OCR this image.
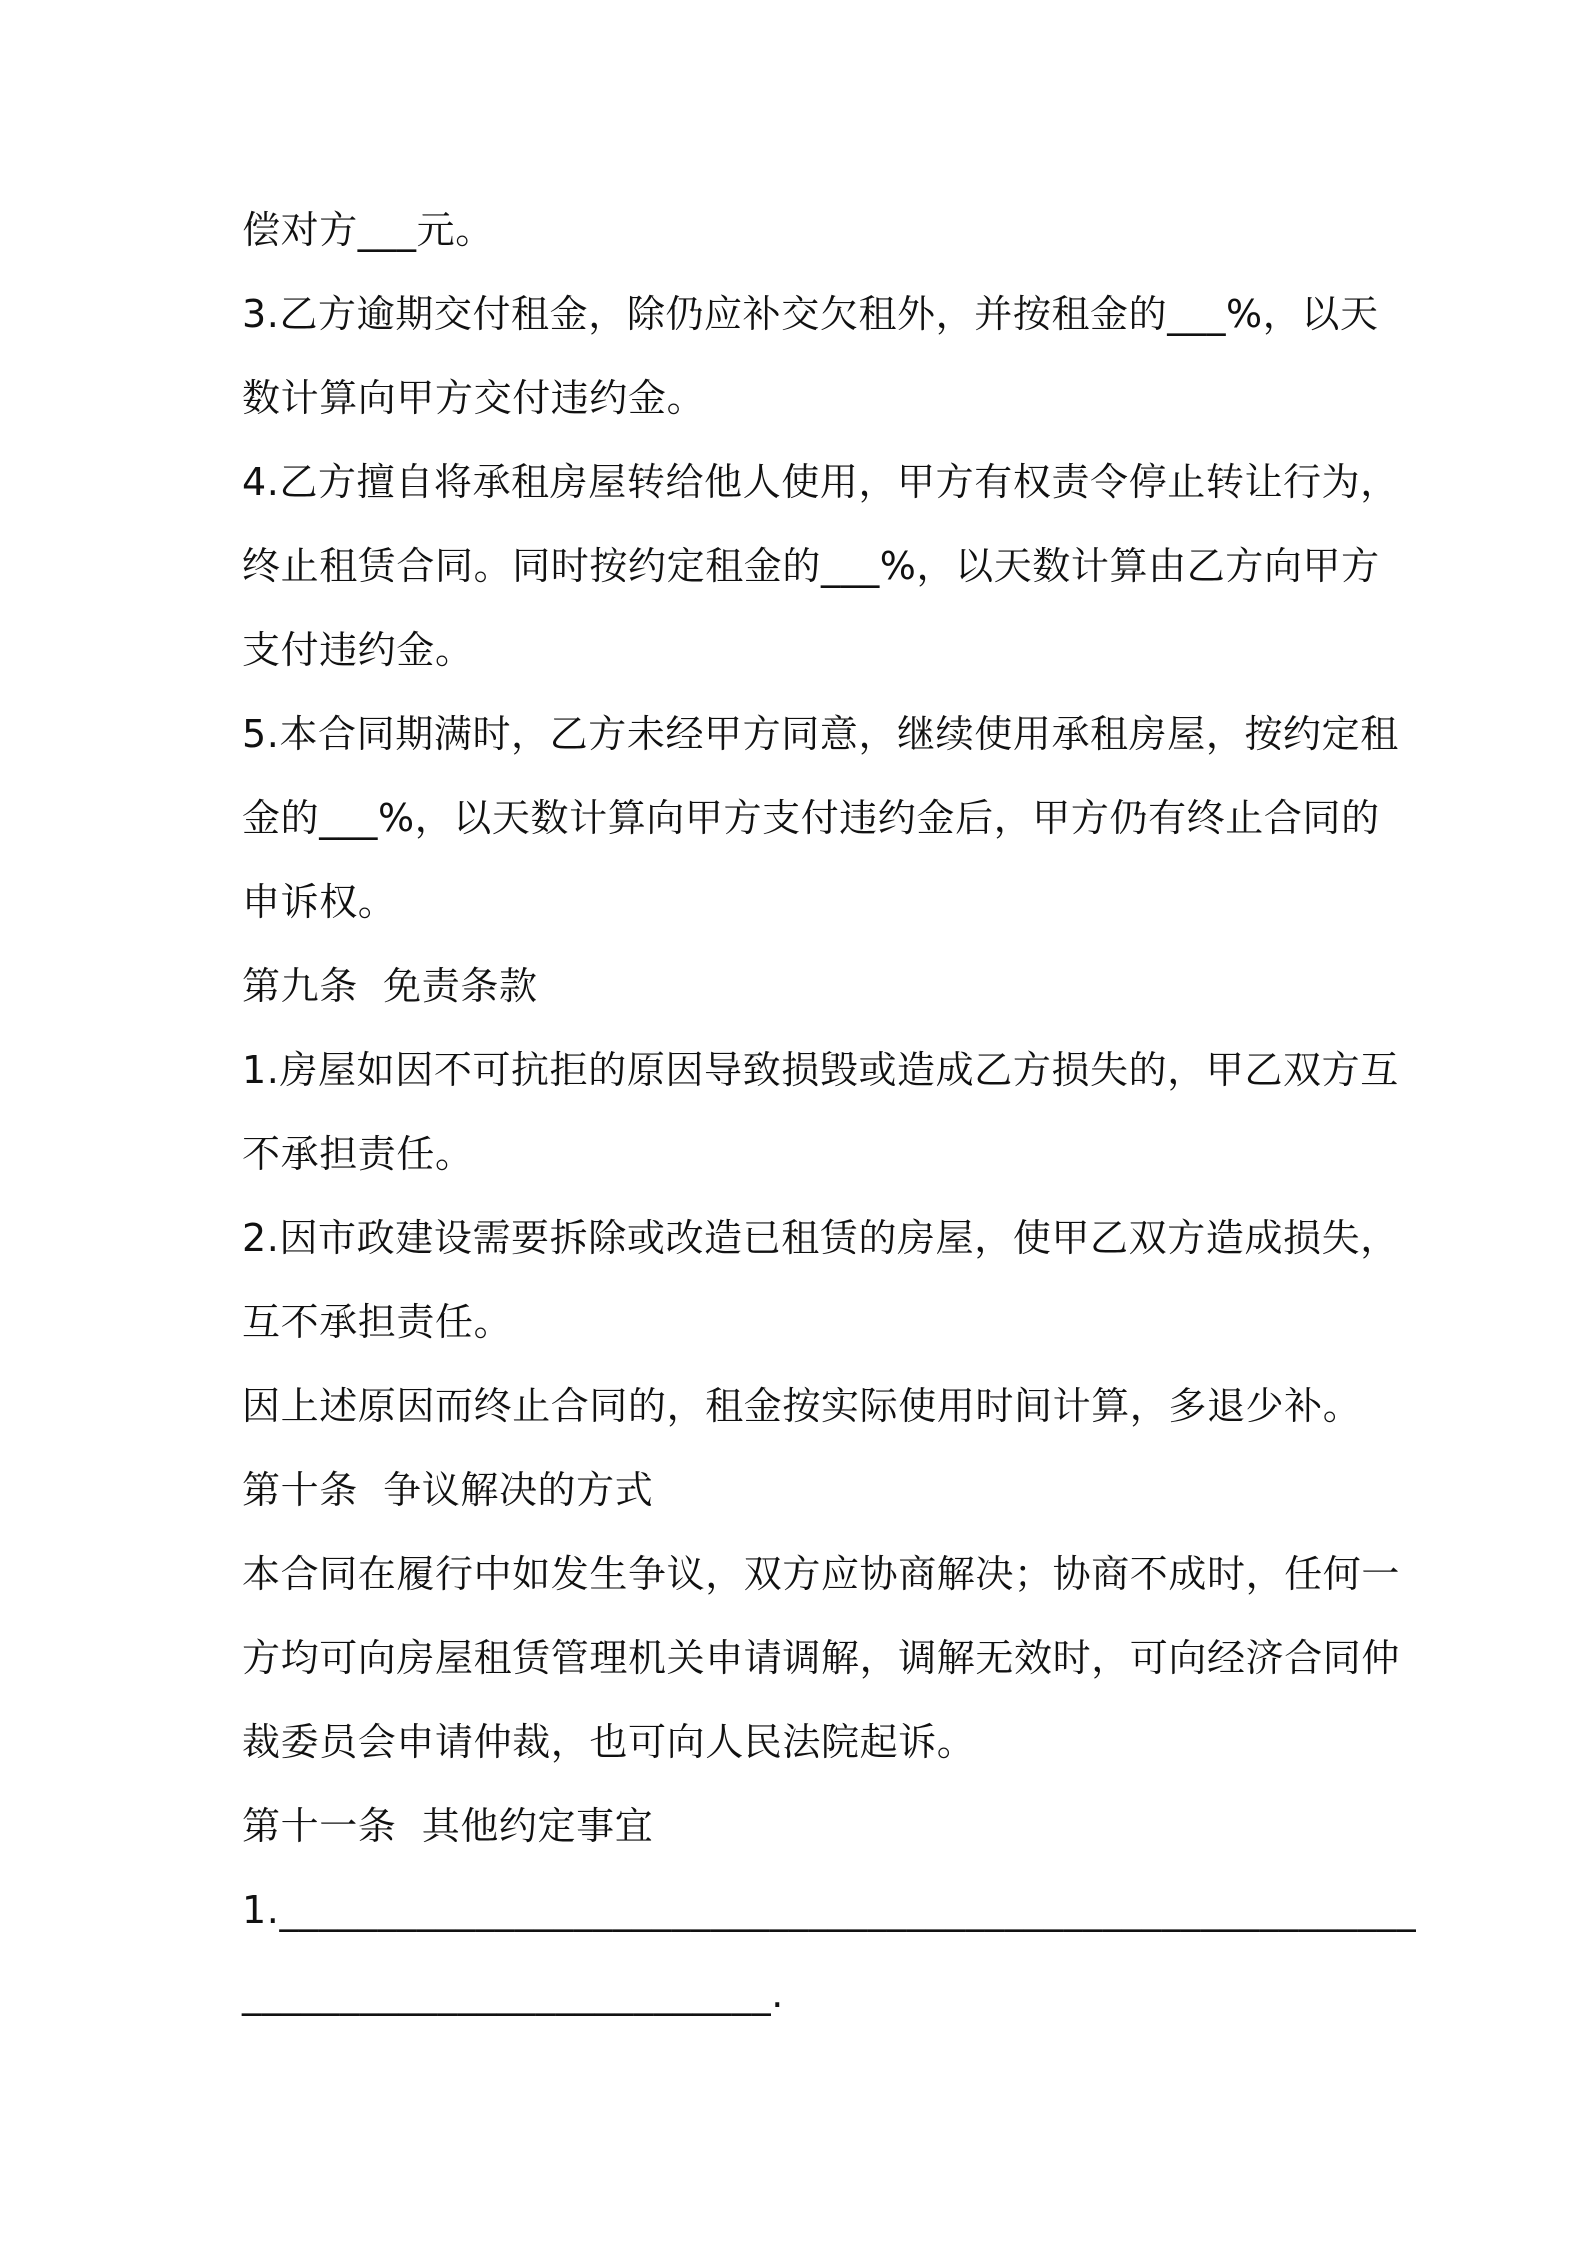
偿对方___元。
3.乙方逾期交付租金，除仍应补交欠租外，并按租金的___%，以天
数计算向甲方交付违约金。
4.乙方擅自将承租房屋转给他人使用，甲方有权责令停止转让行为，
终止租赁合同。同时按约定租金的___%，以天数计算由乙方向甲方
支付违约金。
5.本合同期满时，乙方未经甲方同意，继续使用承租房屋，按约定租
金的___%，以天数计算向甲方支付违约金后，甲方仍有终止合同的
申诉权。
第九条  免责条款
1.房屋如因不可抗拒的原因导致损毁或造成乙方损失的，甲乙双方互
不承担责任。
2.因市政建设需要拆除或改造已租赁的房屋，使甲乙双方造成损失，
互不承担责任。
因上述原因而终止合同的，租金按实际使用时间计算，多退少补。
第十条  争议解决的方式
本合同在履行中如发生争议，双方应协商解决；协商不成时，任何一
方均可向房屋租赁管理机关申请调解，调解无效时，可向经济合同仲
裁委员会申请仲裁，也可向人民法院起诉。
第十一条  其他约定事宜
1.__________________________________________________________
___________________________.
